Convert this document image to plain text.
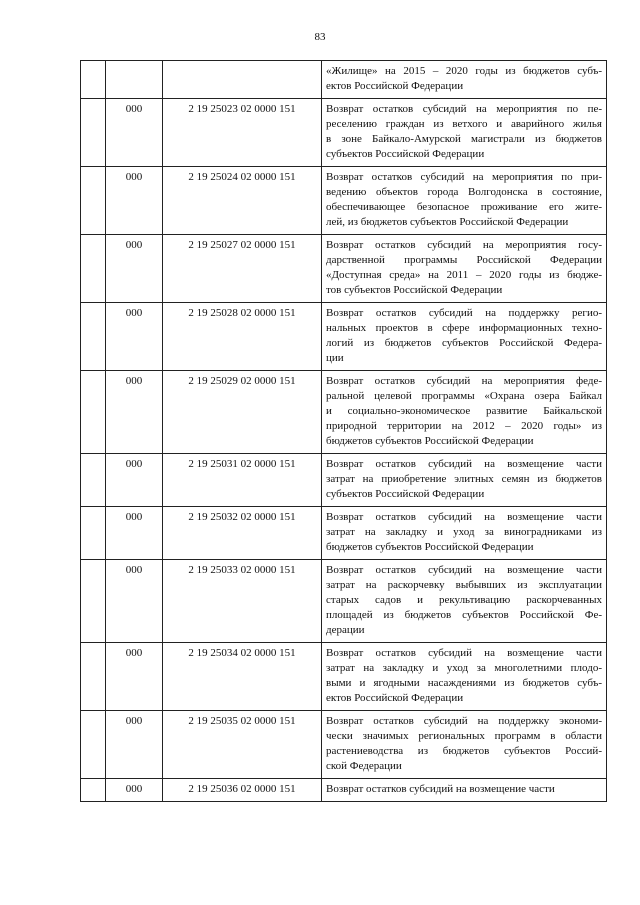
83

			«Жилище» на 2015 – 2020 годы из бюджетов субъ-
ектов Российской Федерации

	000	2 19 25023 02 0000 151	Возврат остатков субсидий на мероприятия по пе-
реселению граждан из ветхого и аварийного жилья
в зоне Байкало-Амурской магистрали из бюджетов
субъектов Российской Федерации

	000	2 19 25024 02 0000 151	Возврат остатков субсидий на мероприятия по при-
ведению объектов города Волгодонска в состояние,
обеспечивающее безопасное проживание его жите-
лей, из бюджетов субъектов Российской Федерации

	000	2 19 25027 02 0000 151	Возврат остатков субсидий на мероприятия госу-
дарственной программы Российской Федерации
«Доступная среда» на 2011 – 2020 годы из бюдже-
тов субъектов Российской Федерации

	000	2 19 25028 02 0000 151	Возврат остатков субсидий на поддержку регио-
нальных проектов в сфере информационных техно-
логий из бюджетов субъектов Российской Федера-
ции

	000	2 19 25029 02 0000 151	Возврат остатков субсидий на мероприятия феде-
ральной целевой программы «Охрана озера Байкал
и социально-экономическое развитие Байкальской
природной территории на 2012 – 2020 годы» из
бюджетов субъектов Российской Федерации

	000	2 19 25031 02 0000 151	Возврат остатков субсидий на возмещение части
затрат на приобретение элитных семян из бюджетов
субъектов Российской Федерации

	000	2 19 25032 02 0000 151	Возврат остатков субсидий на возмещение части
затрат на закладку и уход за виноградниками из
бюджетов субъектов Российской Федерации

	000	2 19 25033 02 0000 151	Возврат остатков субсидий на возмещение части
затрат на раскорчевку выбывших из эксплуатации
старых садов и рекультивацию раскорчеванных
площадей из бюджетов субъектов Российской Фе-
дерации

	000	2 19 25034 02 0000 151	Возврат остатков субсидий на возмещение части
затрат на закладку и уход за многолетними плодо-
выми и ягодными насаждениями из бюджетов субъ-
ектов Российской Федерации

	000	2 19 25035 02 0000 151	Возврат остатков субсидий на поддержку экономи-
чески значимых региональных программ в области
растениеводства из бюджетов субъектов Россий-
ской Федерации

	000	2 19 25036 02 0000 151	Возврат остатков субсидий на возмещение части
